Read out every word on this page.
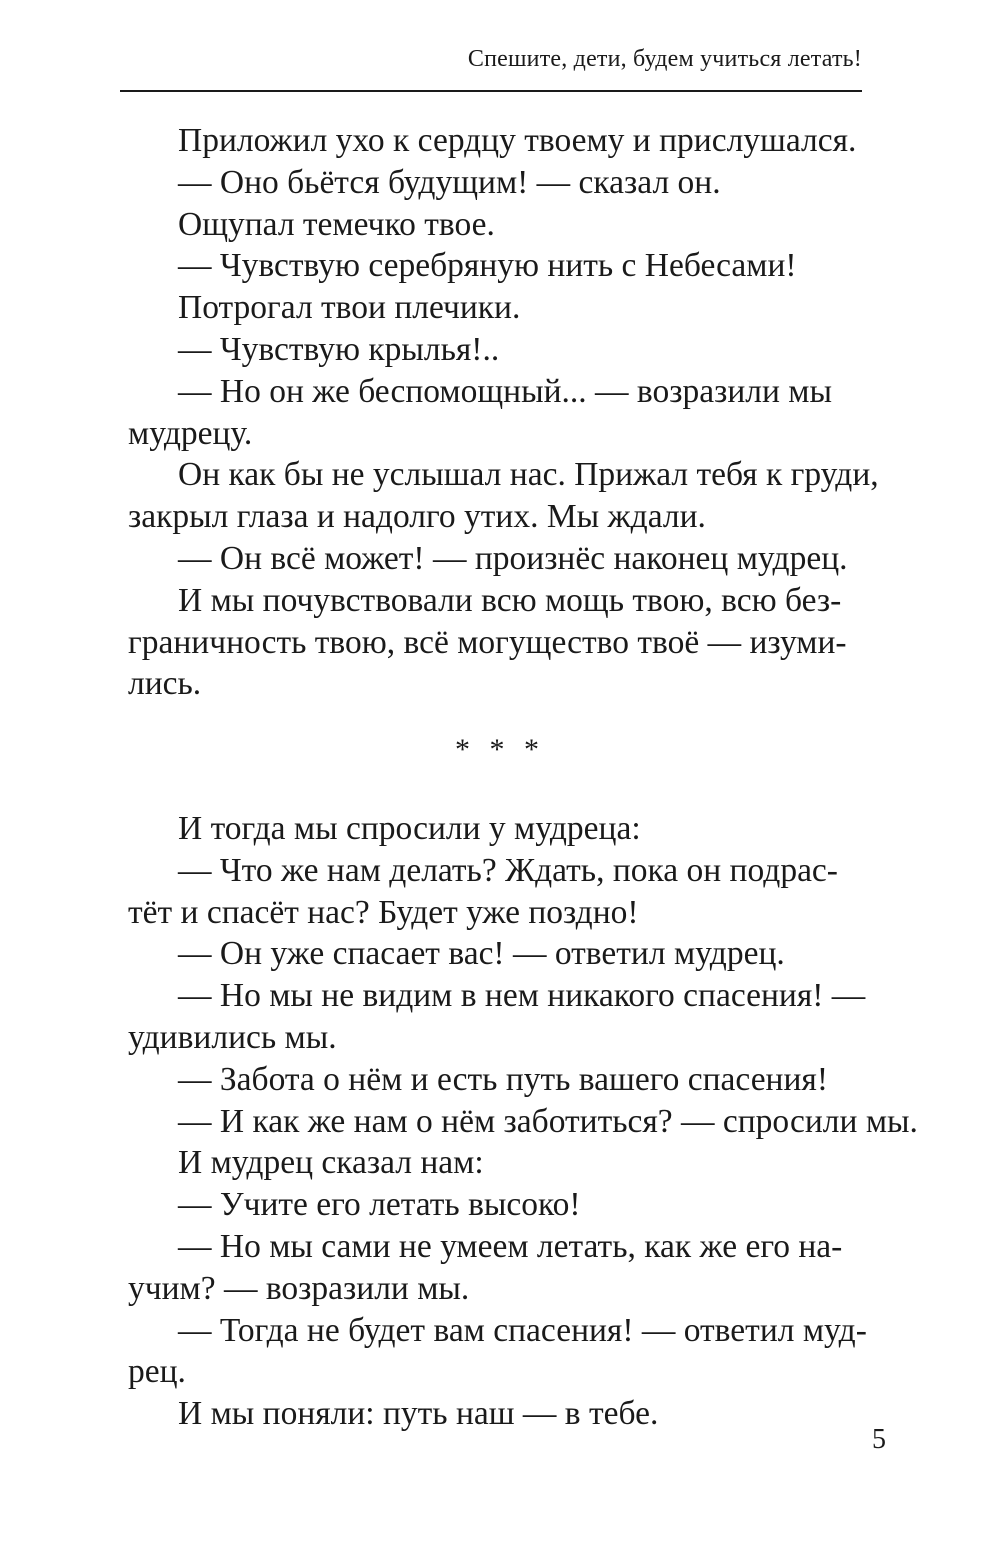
Спешите, дети, будем учиться летать!

Приложил ухо к сердцу твоему и прислушался.

— Оно бьётся будущим! — сказал он.

Ощупал темечко твое.

— Чувствую серебряную нить с Небесами!

Потрогал твои плечики.

— Чувствую крылья!..

— Но он же беспомощный... — возразили мы
мудрецу.

Он как бы не услышал нас. Прижал тебя к груди,
закрыл глаза и надолго утих. Мы ждали.

— Он всё может! — произнёс наконец мудрец.

И мы почувствовали всю мощь твою, всю без-
граничность твою, всё могущество твоё — изуми-
лись.

* * *

И тогда мы спросили у мудреца:

— Что же нам делать? Ждать, пока он подрас-
тёт и спасёт нас? Будет уже поздно!

— Он уже спасает вас! — ответил мудрец.

— Но мы не видим в нем никакого спасения! —
удивились мы.

— Забота о нём и есть путь вашего спасения!

— И как же нам о нём заботиться? — спросили мы.

И мудрец сказал нам:

— Учите его летать высоко!

— Но мы сами не умеем летать, как же его на-
учим? — возразили мы.

— Тогда не будет вам спасения! — ответил муд-
рец.

И мы поняли: путь наш — в тебе.

5
